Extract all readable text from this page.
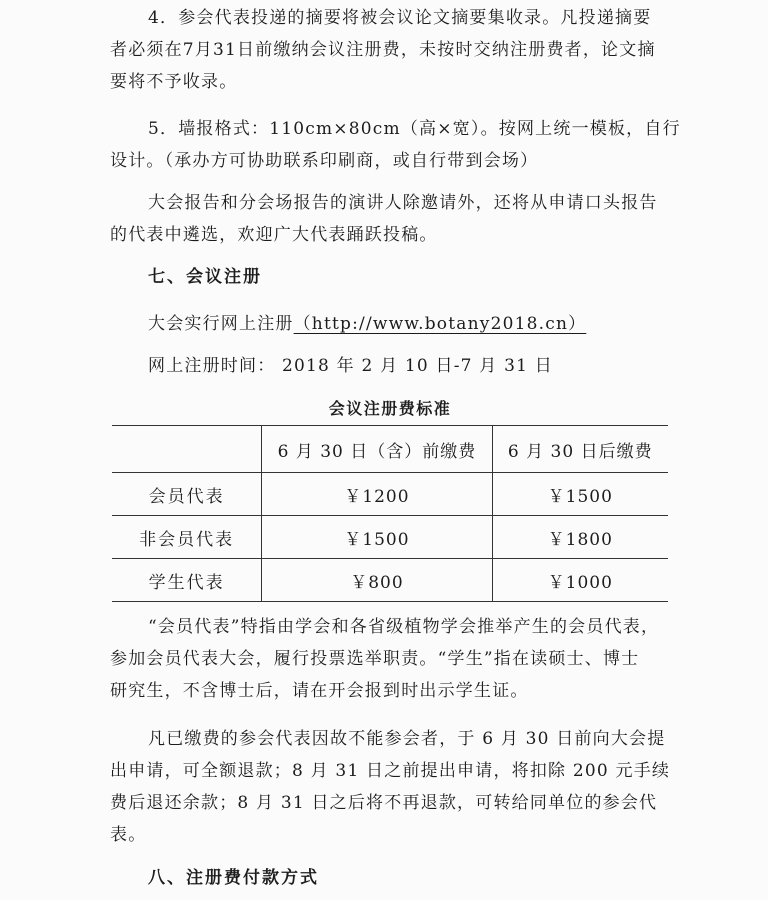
4．参会代表投递的摘要将被会议论文摘要集收录。凡投递摘要
者必须在7月31日前缴纳会议注册费，未按时交纳注册费者，论文摘
要将不予收录。
5．墙报格式：110cm×80cm（高×宽）。按网上统一模板，自行
设计。（承办方可协助联系印刷商，或自行带到会场）
大会报告和分会场报告的演讲人除邀请外，还将从申请口头报告
的代表中遴选，欢迎广大代表踊跃投稿。
七、会议注册
大会实行网上注册（http://www.botany2018.cn）
网上注册时间： 2018 年 2 月 10 日-7 月 31 日
会议注册费标准
	6 月 30 日（含）前缴费	6 月 30 日后缴费
会员代表	￥1200	￥1500
非会员代表	￥1500	￥1800
学生代表	￥800	￥1000
“会员代表”特指由学会和各省级植物学会推举产生的会员代表，
参加会员代表大会，履行投票选举职责。“学生”指在读硕士、博士
研究生，不含博士后，请在开会报到时出示学生证。
凡已缴费的参会代表因故不能参会者，于 6 月 30 日前向大会提
出申请，可全额退款；8 月 31 日之前提出申请，将扣除 200 元手续
费后退还余款；8 月 31 日之后将不再退款，可转给同单位的参会代
表。
八、注册费付款方式
